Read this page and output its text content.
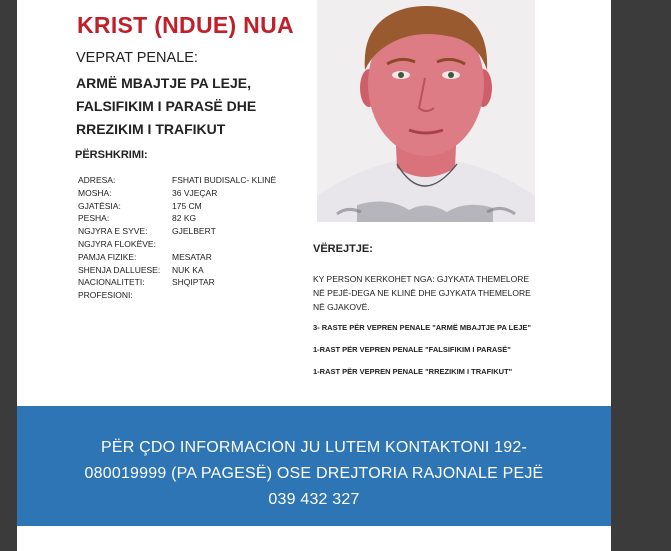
KRIST (NDUE) NUA
VEPRAT PENALE:
ARMË MBAJTJE PA LEJE,
FALSIFIKIM I PARASË DHE
RREZIKIM I TRAFIKUT
PËRSHKRIMI:
ADRESA:	FSHATI BUDISALC- KLINË
MOSHA:	36 VJEÇAR
GJATËSIA:	175 CM
PESHA:	82 KG
NGJYRA E SYVE:	GJELBERT
NGJYRA FLOKËVE:	
PAMJA FIZIKE:	MESATAR
SHENJA DALLUESE:	NUK KA
NACIONALITETI:	SHQIPTAR
PROFESIONI:	
VËREJTJE:
KY PERSON KERKOHET NGA: GJYKATA THEMELORE
NË PEJË-DEGA NE KLINË DHE GJYKATA THEMELORE
NË GJAKOVË.
3- RASTE PËR VEPREN PENALE "ARMË MBAJTJE PA LEJE"
1-RAST PËR VEPREN PENALE "FALSIFIKIM I PARASË"
1-RAST PËR VEPREN PENALE "RREZIKIM I TRAFIKUT"
PËR ÇDO INFORMACION JU LUTEM KONTAKTONI 192-
080019999 (PA PAGESË) OSE DREJTORIA RAJONALE PEJË
039 432 327
